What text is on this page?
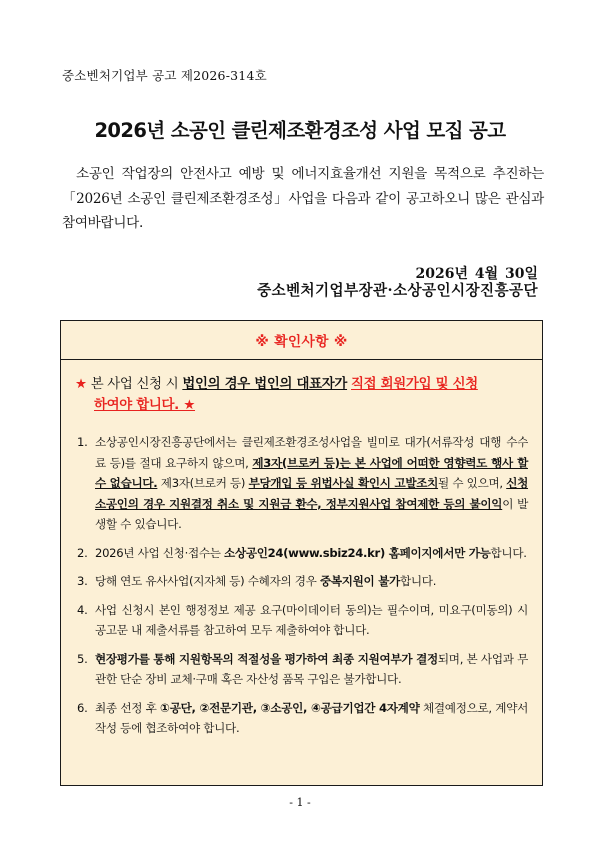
중소벤처기업부 공고 제2026-314호
2026년 소공인 클린제조환경조성 사업 모집 공고

소공인 작업장의 안전사고 예방 및 에너지효율개선 지원을 목적으로 추진하는「2026년 소공인 클린제조환경조성」사업을 다음과 같이 공고하오니 많은 관심과 참여바랍니다.

2026년 4월 30일
중소벤처기업부장관·소상공인시장진흥공단
※ 확인사항 ※
★ 본 사업 신청 시 법인의 경우 법인의 대표자가 직접 회원가입 및 신청
하여야 합니다. ★
1. 소상공인시장진흥공단에서는 클린제조환경조성사업을 빌미로 대가(서류작성 대행 수수료 등)를 절대 요구하지 않으며, 제3자(브로커 등)는 본 사업에 어떠한 영향력도 행사 할 수 없습니다. 제3자(브로커 등) 부당개입 등 위법사실 확인시 고발조치될 수 있으며, 신청소공인의 경우 지원결정 취소 및 지원금 환수, 정부지원사업 참여제한 등의 불이익이 발생할 수 있습니다.
2. 2026년 사업 신청·접수는 소상공인24(www.sbiz24.kr) 홈페이지에서만 가능합니다.
3. 당해 연도 유사사업(지자체 등) 수혜자의 경우 중복지원이 불가합니다.
4. 사업 신청시 본인 행정정보 제공 요구(마이데이터 동의)는 필수이며, 미요구(미동의) 시 공고문 내 제출서류를 참고하여 모두 제출하여야 합니다.
5. 현장평가를 통해 지원항목의 적절성을 평가하여 최종 지원여부가 결정되며, 본 사업과 무관한 단순 장비 교체·구매 혹은 자산성 품목 구입은 불가합니다.
6. 최종 선정 후 ①공단, ②전문기관, ③소공인, ④공급기업간 4자계약 체결예정으로, 계약서 작성 등에 협조하여야 합니다.
- 1 -
